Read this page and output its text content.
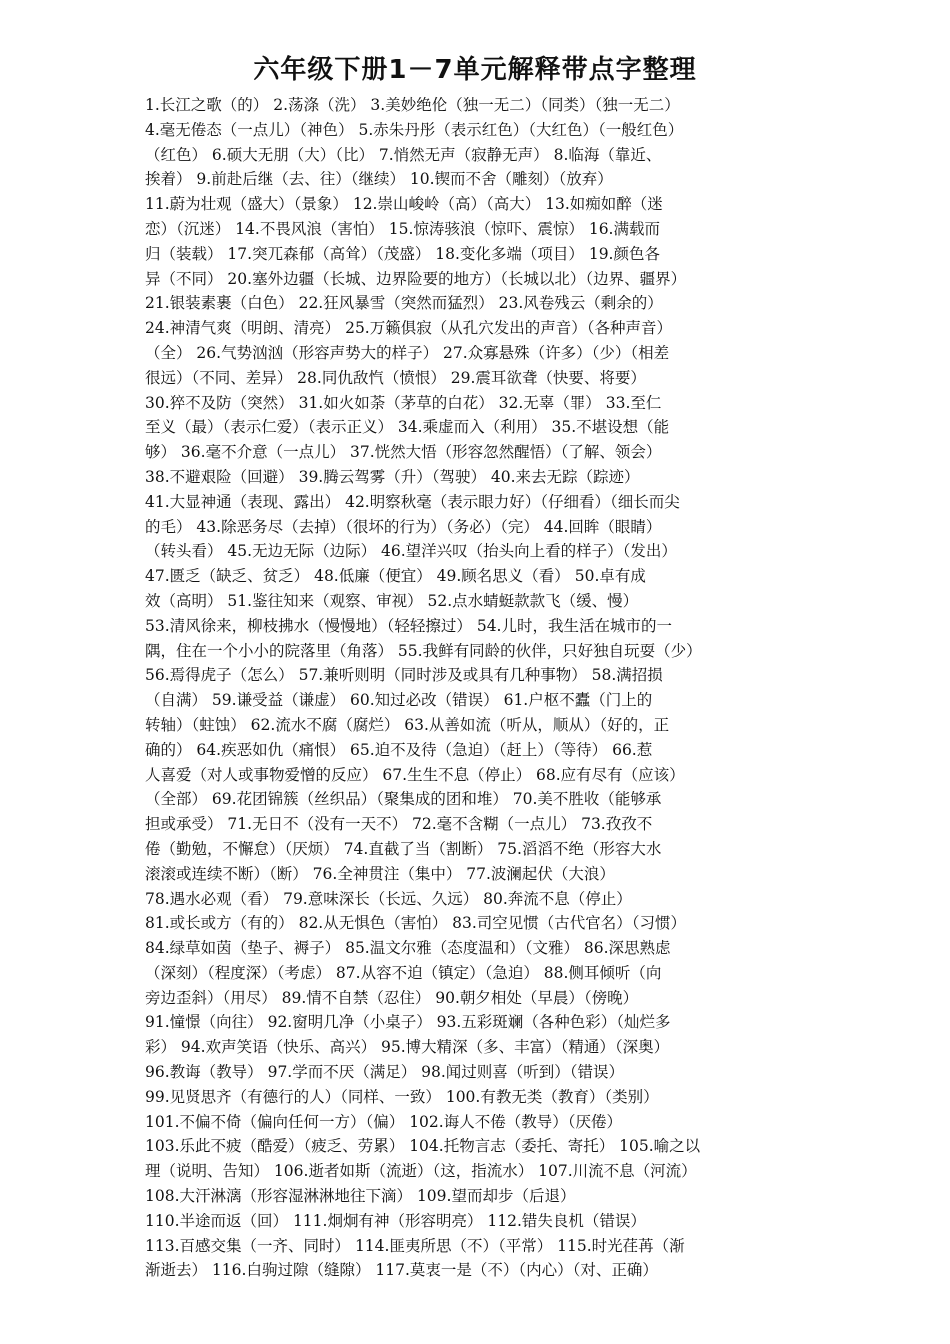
六年级下册1－7单元解释带点字整理
1.长江之歌（的） 2.荡涤（洗） 3.美妙绝伦（独一无二）（同类）（独一无二）
4.毫无倦态（一点儿）（神色） 5.赤朱丹彤（表示红色）（大红色）（一般红色）
（红色） 6.硕大无朋（大）（比） 7.悄然无声（寂静无声） 8.临海（靠近、
挨着） 9.前赴后继（去、往）（继续） 10.锲而不舍（雕刻）（放弃）
11.蔚为壮观（盛大）（景象） 12.崇山峻岭（高）（高大） 13.如痴如醉（迷
恋）（沉迷） 14.不畏风浪（害怕） 15.惊涛骇浪（惊吓、震惊） 16.满载而
归（装载） 17.突兀森郁（高耸）（茂盛） 18.变化多端（项目） 19.颜色各
异（不同） 20.塞外边疆（长城、边界险要的地方）（长城以北）（边界、疆界）
21.银装素裹（白色） 22.狂风暴雪（突然而猛烈） 23.风卷残云（剩余的）
24.神清气爽（明朗、清亮） 25.万籁俱寂（从孔穴发出的声音）（各种声音）
（全） 26.气势汹汹（形容声势大的样子） 27.众寡悬殊（许多）（少）（相差
很远）（不同、差异） 28.同仇敌忾（愤恨） 29.震耳欲聋（快要、将要）
30.猝不及防（突然） 31.如火如荼（茅草的白花） 32.无辜（罪） 33.至仁
至义（最）（表示仁爱）（表示正义） 34.乘虚而入（利用） 35.不堪设想（能
够） 36.毫不介意（一点儿） 37.恍然大悟（形容忽然醒悟）（了解、领会）
38.不避艰险（回避） 39.腾云驾雾（升）（驾驶） 40.来去无踪（踪迹）
41.大显神通（表现、露出） 42.明察秋毫（表示眼力好）（仔细看）（细长而尖
的毛） 43.除恶务尽（去掉）（很坏的行为）（务必）（完） 44.回眸（眼睛）
（转头看） 45.无边无际（边际） 46.望洋兴叹（抬头向上看的样子）（发出）
47.匮乏（缺乏、贫乏） 48.低廉（便宜） 49.顾名思义（看） 50.卓有成
效（高明） 51.鉴往知来（观察、审视） 52.点水蜻蜓款款飞（缓、慢）
53.清风徐来，柳枝拂水（慢慢地）（轻轻擦过） 54.儿时，我生活在城市的一
隅，住在一个小小的院落里（角落） 55.我鲜有同龄的伙伴，只好独自玩耍（少）
56.焉得虎子（怎么） 57.兼听则明（同时涉及或具有几种事物） 58.满招损
（自满） 59.谦受益（谦虚） 60.知过必改（错误） 61.户枢不蠹（门上的
转轴）（蛀蚀） 62.流水不腐（腐烂） 63.从善如流（听从，顺从）（好的，正
确的） 64.疾恶如仇（痛恨） 65.迫不及待（急迫）（赶上）（等待） 66.惹
人喜爱（对人或事物爱憎的反应） 67.生生不息（停止） 68.应有尽有（应该）
（全部） 69.花团锦簇（丝织品）（聚集成的团和堆） 70.美不胜收（能够承
担或承受） 71.无日不（没有一天不） 72.毫不含糊（一点儿） 73.孜孜不
倦（勤勉，不懈怠）（厌烦） 74.直截了当（割断） 75.滔滔不绝（形容大水
滚滚或连续不断）（断） 76.全神贯注（集中） 77.波澜起伏（大浪）
78.遇水必观（看） 79.意味深长（长远、久远） 80.奔流不息（停止）
81.或长或方（有的） 82.从无惧色（害怕） 83.司空见惯（古代官名）（习惯）
84.绿草如茵（垫子、褥子） 85.温文尔雅（态度温和）（文雅） 86.深思熟虑
（深刻）（程度深）（考虑） 87.从容不迫（镇定）（急迫） 88.侧耳倾听（向
旁边歪斜）（用尽） 89.情不自禁（忍住） 90.朝夕相处（早晨）（傍晚）
91.憧憬（向往） 92.窗明几净（小桌子） 93.五彩斑斓（各种色彩）（灿烂多
彩） 94.欢声笑语（快乐、高兴） 95.博大精深（多、丰富）（精通）（深奥）
96.教诲（教导） 97.学而不厌（满足） 98.闻过则喜（听到）（错误）
99.见贤思齐（有德行的人）（同样、一致） 100.有教无类（教育）（类别）
101.不偏不倚（偏向任何一方）（偏） 102.诲人不倦（教导）（厌倦）
103.乐此不疲（酷爱）（疲乏、劳累） 104.托物言志（委托、寄托） 105.喻之以
理（说明、告知） 106.逝者如斯（流逝）（这，指流水） 107.川流不息（河流）
108.大汗淋漓（形容湿淋淋地往下滴） 109.望而却步（后退）
110.半途而返（回） 111.炯炯有神（形容明亮） 112.错失良机（错误）
113.百感交集（一齐、同时） 114.匪夷所思（不）（平常） 115.时光荏苒（渐
渐逝去） 116.白驹过隙（缝隙） 117.莫衷一是（不）（内心）（对、正确）
